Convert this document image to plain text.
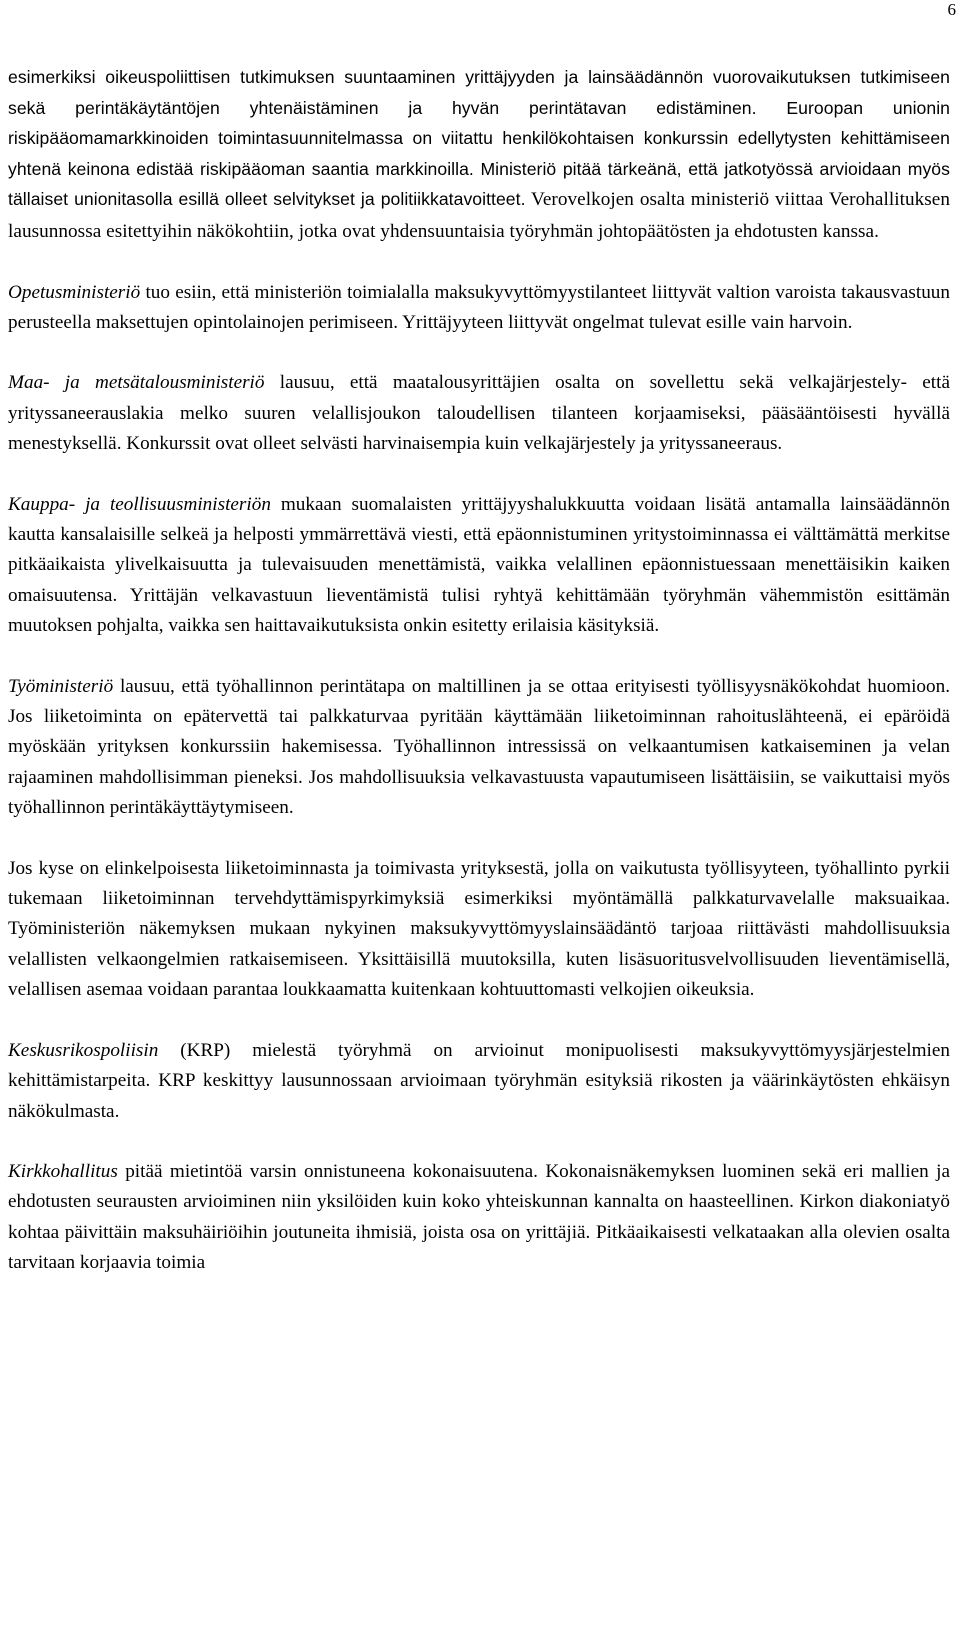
6

esimerkiksi oikeuspoliittisen tutkimuksen suuntaaminen yrittäjyyden ja lainsäädännön vuorovaikutuksen tutkimiseen sekä perintäkäytäntöjen yhtenäistäminen ja hyvän perintätavan edistäminen. Euroopan unionin riskipääomamarkkinoiden toimintasuunnitelmassa on viitattu henkilökohtaisen konkurssin edellytysten kehittämiseen yhtenä keinona edistää riskipääoman saantia markkinoilla. Ministeriö pitää tärkeänä, että jatkotyössä arvioidaan myös tällaiset unionitasolla esillä olleet selvitykset ja politiikkatavoitteet. Verovelkojen osalta ministeriö viittaa Verohallituksen lausunnossa esitettyihin näkökohtiin, jotka ovat yhdensuuntaisia työryhmän johtopäätösten ja ehdotusten kanssa.

Opetusministeriö tuo esiin, että ministeriön toimialalla maksukyvyttömyystilanteet liittyvät valtion varoista takausvastuun perusteella maksettujen opintolainojen perimiseen. Yrittäjyyteen liittyvät ongelmat tulevat esille vain harvoin.

Maa- ja metsätalousministeriö lausuu, että maatalousyrittäjien osalta on sovellettu sekä velkajärjestely- että yrityssaneerauslakia melko suuren velallisjoukon taloudellisen tilanteen korjaamiseksi, pääsääntöisesti hyvällä menestyksellä. Konkurssit ovat olleet selvästi harvinaisempia kuin velkajärjestely ja yrityssaneeraus.

Kauppa- ja teollisuusministeriön mukaan suomalaisten yrittäjyyshalukkuutta voidaan lisätä antamalla lainsäädännön kautta kansalaisille selkeä ja helposti ymmärrettävä viesti, että epäonnistuminen yritystoiminnassa ei välttämättä merkitse pitkäaikaista ylivelkaisuutta ja tulevaisuuden menettämistä, vaikka velallinen epäonnistuessaan menettäisikin kaiken omaisuutensa. Yrittäjän velkavastuun lieventämistä tulisi ryhtyä kehittämään työryhmän vähemmistön esittämän muutoksen pohjalta, vaikka sen haittavaikutuksista onkin esitetty erilaisia käsityksiä.

Työministeriö lausuu, että työhallinnon perintätapa on maltillinen ja se ottaa erityisesti työllisyysnäkökohdat huomioon. Jos liiketoiminta on epätervettä tai palkkaturvaa pyritään käyttämään liiketoiminnan rahoituslähteenä, ei epäröidä myöskään yrityksen konkurssiin hakemisessa. Työhallinnon intressissä on velkaantumisen katkaiseminen ja velan rajaaminen mahdollisimman pieneksi. Jos mahdollisuuksia velkavastuusta vapautumiseen lisättäisiin, se vaikuttaisi myös työhallinnon perintäkäyttäytymiseen.

Jos kyse on elinkelpoisesta liiketoiminnasta ja toimivasta yrityksestä, jolla on vaikutusta työllisyyteen, työhallinto pyrkii tukemaan liiketoiminnan tervehdyttämispyrkimyksiä esimerkiksi myöntämällä palkkaturvavelalle maksuaikaa. Työministeriön näkemyksen mukaan nykyinen maksukyvyttömyyslainsäädäntö tarjoaa riittävästi mahdollisuuksia velallisten velkaongelmien ratkaisemiseen. Yksittäisillä muutoksilla, kuten lisäsuoritusvelvollisuuden lieventämisellä, velallisen asemaa voidaan parantaa loukkaamatta kuitenkaan kohtuuttomasti velkojien oikeuksia.

Keskusrikospoliisin (KRP) mielestä työryhmä on arvioinut monipuolisesti maksukyvyttömyysjärjestelmien kehittämistarpeita. KRP keskittyy lausunnossaan arvioimaan työryhmän esityksiä rikosten ja väärinkäytösten ehkäisyn näkökulmasta.

Kirkkohallitus pitää mietintöä varsin onnistuneena kokonaisuutena. Kokonaisnäkemyksen luominen sekä eri mallien ja ehdotusten seurausten arvioiminen niin yksilöiden kuin koko yhteiskunnan kannalta on haasteellinen. Kirkon diakoniatyö kohtaa päivittäin maksuhäiriöihin joutuneita ihmisiä, joista osa on yrittäjiä. Pitkäaikaisesti velkataakan alla olevien osalta tarvitaan korjaavia toimia
